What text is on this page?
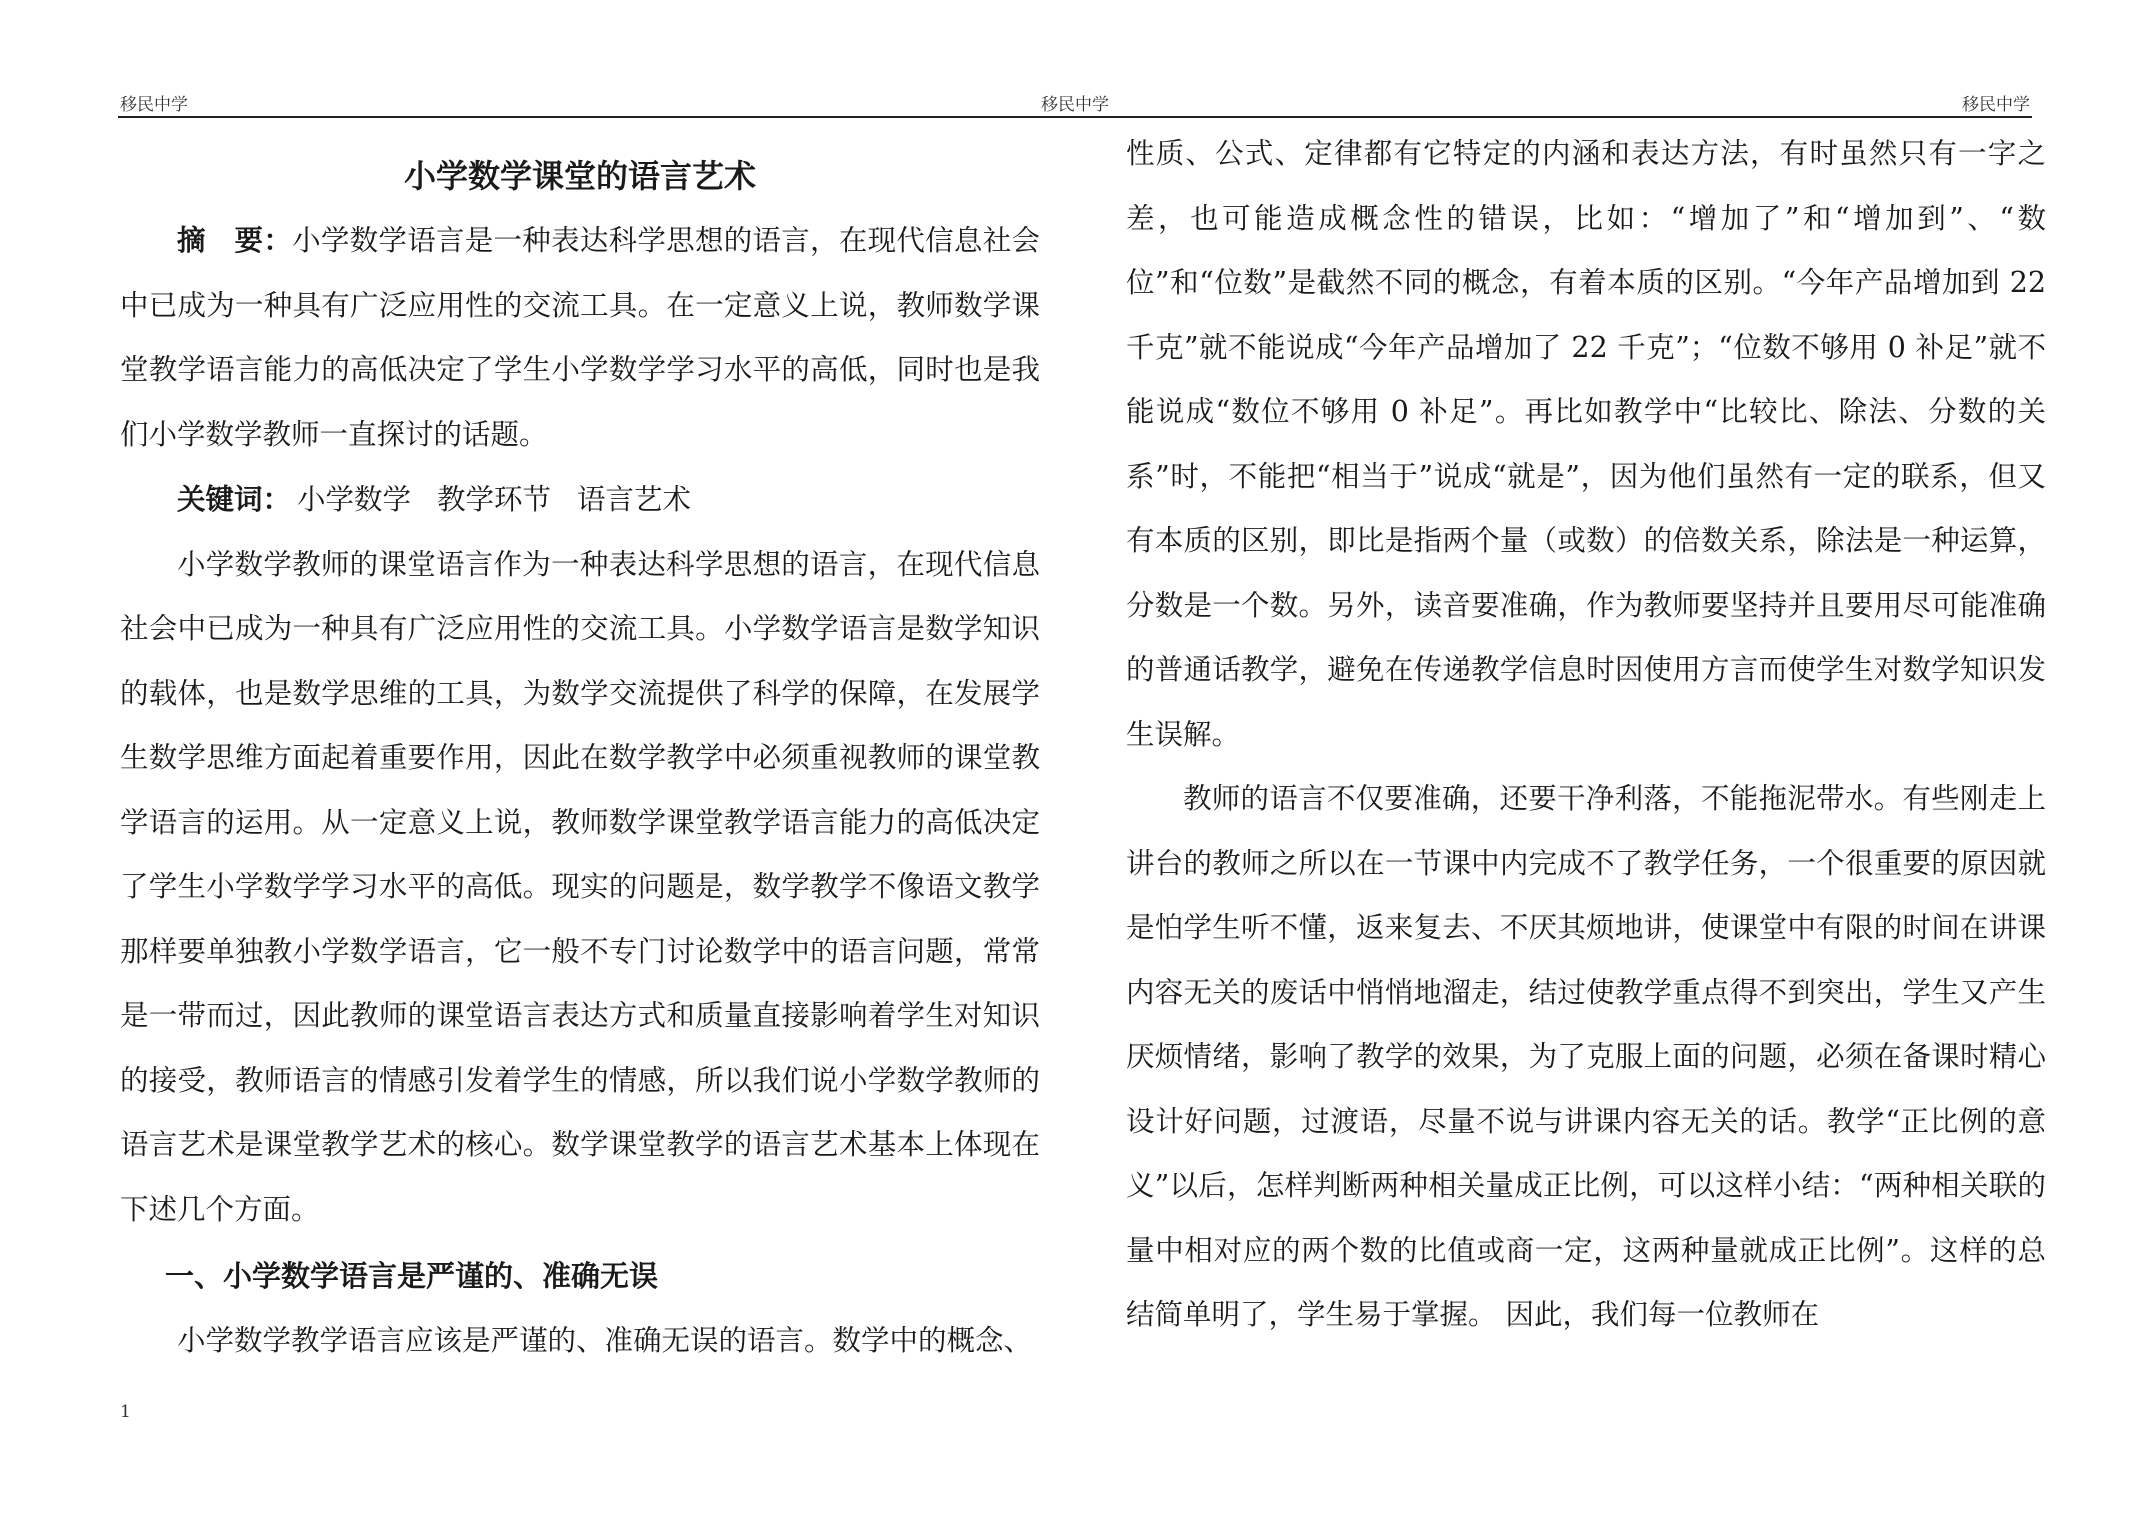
移民中学	移民中学	移民中学

小学数学课堂的语言艺术

摘　要：小学数学语言是一种表达科学思想的语言，在现代信息社会中已成为一种具有广泛应用性的交流工具。在一定意义上说，教师数学课堂教学语言能力的高低决定了学生小学数学学习水平的高低，同时也是我们小学数学教师一直探讨的话题。

关键词： 小学数学 教学环节 语言艺术

小学数学教师的课堂语言作为一种表达科学思想的语言，在现代信息社会中已成为一种具有广泛应用性的交流工具。小学数学语言是数学知识的载体，也是数学思维的工具，为数学交流提供了科学的保障，在发展学生数学思维方面起着重要作用，因此在数学教学中必须重视教师的课堂教学语言的运用。从一定意义上说，教师数学课堂教学语言能力的高低决定了学生小学数学学习水平的高低。现实的问题是，数学教学不像语文教学那样要单独教小学数学语言，它一般不专门讨论数学中的语言问题，常常是一带而过，因此教师的课堂语言表达方式和质量直接影响着学生对知识的接受，教师语言的情感引发着学生的情感，所以我们说小学数学教师的语言艺术是课堂教学艺术的核心。数学课堂教学的语言艺术基本上体现在下述几个方面。

一、小学数学语言是严谨的、准确无误

小学数学教学语言应该是严谨的、准确无误的语言。数学中的概念、

性质、公式、定律都有它特定的内涵和表达方法，有时虽然只有一字之差，也可能造成概念性的错误，比如：“增加了”和“增加到”、“数位”和“位数”是截然不同的概念，有着本质的区别。“今年产品增加到 22 千克”就不能说成“今年产品增加了 22 千克”；“位数不够用 0 补足”就不能说成“数位不够用 0 补足”。再比如教学中“比较比、除法、分数的关系”时，不能把“相当于”说成“就是”，因为他们虽然有一定的联系，但又有本质的区别，即比是指两个量（或数）的倍数关系，除法是一种运算，分数是一个数。另外，读音要准确，作为教师要坚持并且要用尽可能准确的普通话教学，避免在传递教学信息时因使用方言而使学生对数学知识发生误解。

教师的语言不仅要准确，还要干净利落，不能拖泥带水。有些刚走上讲台的教师之所以在一节课中内完成不了教学任务，一个很重要的原因就是怕学生听不懂，返来复去、不厌其烦地讲，使课堂中有限的时间在讲课内容无关的废话中悄悄地溜走，结过使教学重点得不到突出，学生又产生厌烦情绪，影响了教学的效果，为了克服上面的问题，必须在备课时精心设计好问题，过渡语，尽量不说与讲课内容无关的话。教学“正比例的意义”以后，怎样判断两种相关量成正比例，可以这样小结：“两种相关联的量中相对应的两个数的比值或商一定，这两种量就成正比例”。这样的总结简单明了，学生易于掌握。 因此，我们每一位教师在

1
